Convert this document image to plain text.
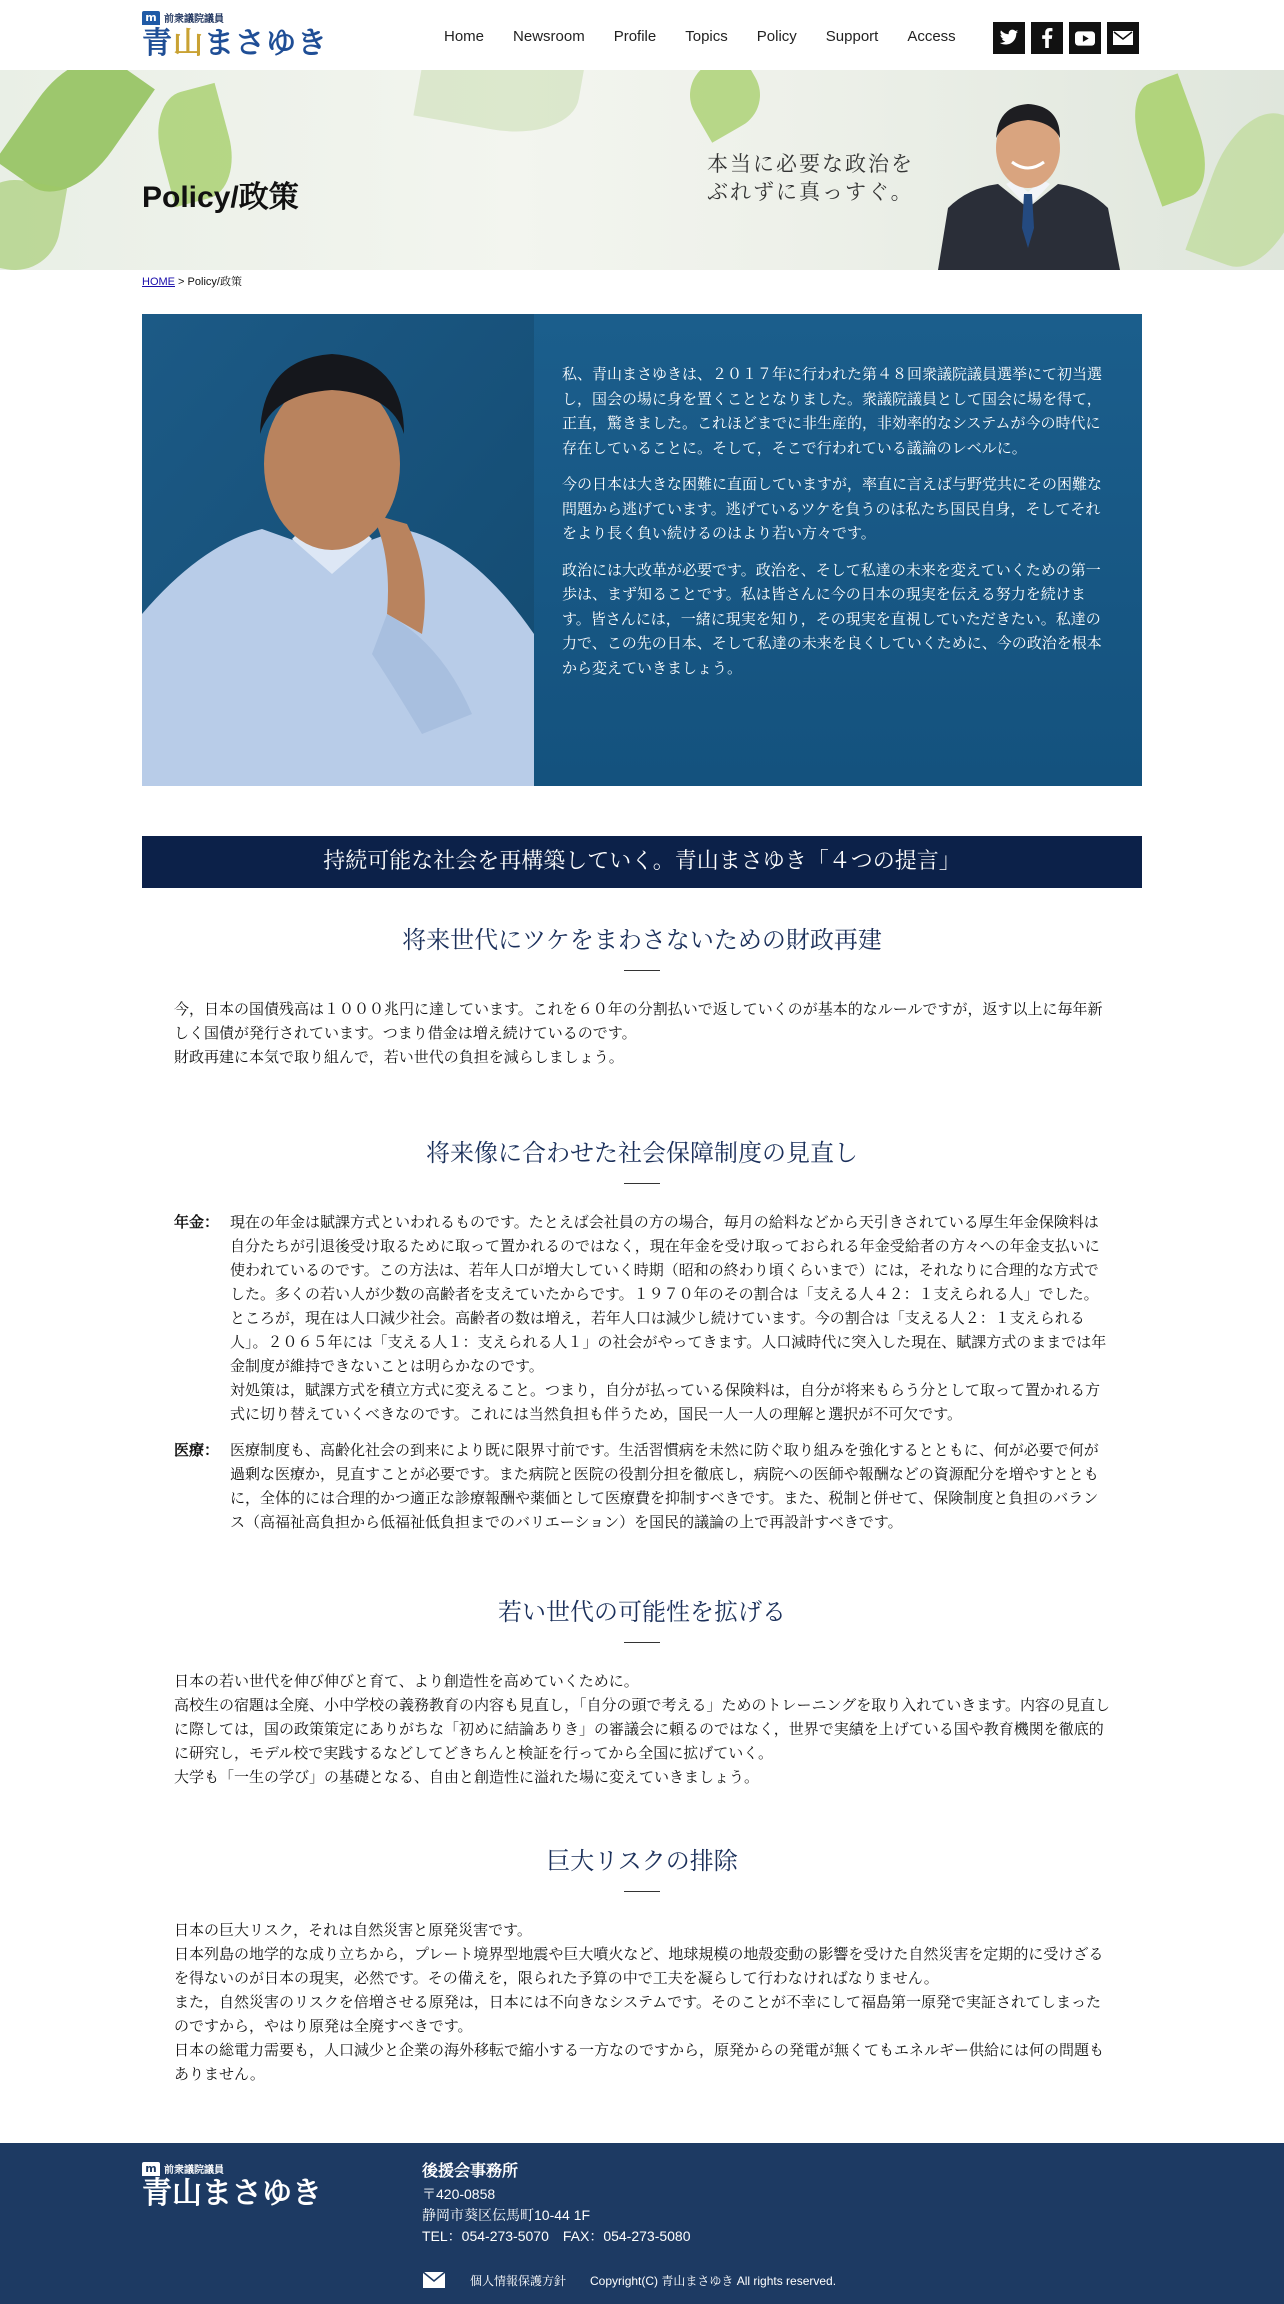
m 前衆議院議員
青山まさゆき	Home Newsroom Profile Topics Policy Support Access
Policy/政策
本当に必要な政治を
ぶれずに真っすぐ。
HOME > Policy/政策

私、青山まさゆきは、２０１７年に行われた第４８回衆議院議員選挙にて初当選し，国会の場に身を置くこととなりました。衆議院議員として国会に場を得て，正直，驚きました。これほどまでに非生産的，非効率的なシステムが今の時代に存在していることに。そして，そこで行われている議論のレベルに。

今の日本は大きな困難に直面していますが，率直に言えば与野党共にその困難な問題から逃げています。逃げているツケを負うのは私たち国民自身，そしてそれをより長く負い続けるのはより若い方々です。

政治には大改革が必要です。政治を、そして私達の未来を変えていくための第一歩は、まず知ることです。私は皆さんに今の日本の現実を伝える努力を続けます。皆さんには，一緒に現実を知り，その現実を直視していただきたい。私達の力で、この先の日本、そして私達の未来を良くしていくために、今の政治を根本から変えていきましょう。

持続可能な社会を再構築していく。青山まさゆき「４つの提言」
将来世代にツケをまわさないための財政再建

今，日本の国債残高は１０００兆円に達しています。これを６０年の分割払いで返していくのが基本的なルールですが，返す以上に毎年新しく国債が発行されています。つまり借金は増え続けているのです。

財政再建に本気で取り組んで，若い世代の負担を減らしましょう。

将来像に合わせた社会保障制度の見直し
年金： 現在の年金は賦課方式といわれるものです。たとえば会社員の方の場合，毎月の給料などから天引きされている厚生年金保険料は自分たちが引退後受け取るために取って置かれるのではなく，現在年金を受け取っておられる年金受給者の方々への年金支払いに使われているのです。この方法は、若年人口が増大していく時期（昭和の終わり頃くらいまで）には，それなりに合理的な方式でした。多くの若い人が少数の高齢者を支えていたからです。１９７０年のその割合は「支える人４２：１支えられる人」でした。ところが，現在は人口減少社会。高齢者の数は増え，若年人口は減少し続けています。今の割合は「支える人２：１支えられる人」。２０６５年には「支える人１：支えられる人１」の社会がやってきます。人口減時代に突入した現在、賦課方式のままでは年金制度が維持できないことは明らかなのです。

対処策は，賦課方式を積立方式に変えること。つまり，自分が払っている保険料は，自分が将来もらう分として取って置かれる方式に切り替えていくべきなのです。これには当然負担も伴うため，国民一人一人の理解と選択が不可欠です。

医療： 医療制度も、高齢化社会の到来により既に限界寸前です。生活習慣病を未然に防ぐ取り組みを強化するとともに、何が必要で何が過剰な医療か，見直すことが必要です。また病院と医院の役割分担を徹底し，病院への医師や報酬などの資源配分を増やすとともに，全体的には合理的かつ適正な診療報酬や薬価として医療費を抑制すべきです。また、税制と併せて、保険制度と負担のバランス（高福祉高負担から低福祉低負担までのバリエーション）を国民的議論の上で再設計すべきです。

若い世代の可能性を拡げる

日本の若い世代を伸び伸びと育て、より創造性を高めていくために。

高校生の宿題は全廃、小中学校の義務教育の内容も見直し，「自分の頭で考える」ためのトレーニングを取り入れていきます。内容の見直しに際しては，国の政策策定にありがちな「初めに結論ありき」の審議会に頼るのではなく，世界で実績を上げている国や教育機関を徹底的に研究し，モデル校で実践するなどしてどきちんと検証を行ってから全国に拡げていく。

大学も「一生の学び」の基礎となる、自由と創造性に溢れた場に変えていきましょう。

巨大リスクの排除

日本の巨大リスク，それは自然災害と原発災害です。

日本列島の地学的な成り立ちから，プレート境界型地震や巨大噴火など、地球規模の地殻変動の影響を受けた自然災害を定期的に受けざるを得ないのが日本の現実，必然です。その備えを，限られた予算の中で工夫を凝らして行わなければなりません。

また，自然災害のリスクを倍増させる原発は，日本には不向きなシステムです。そのことが不幸にして福島第一原発で実証されてしまったのですから，やはり原発は全廃すべきです。

日本の総電力需要も，人口減少と企業の海外移転で縮小する一方なのですから，原発からの発電が無くてもエネルギー供給には何の問題もありません。

m 前衆議院議員
青山まさゆき
後援会事務所
〒420-0858
静岡市葵区伝馬町10-44 1F
TEL：054-273-5070　FAX：054-273-5080
個人情報保護方針 Copyright(C) 青山まさゆき All rights reserved.
